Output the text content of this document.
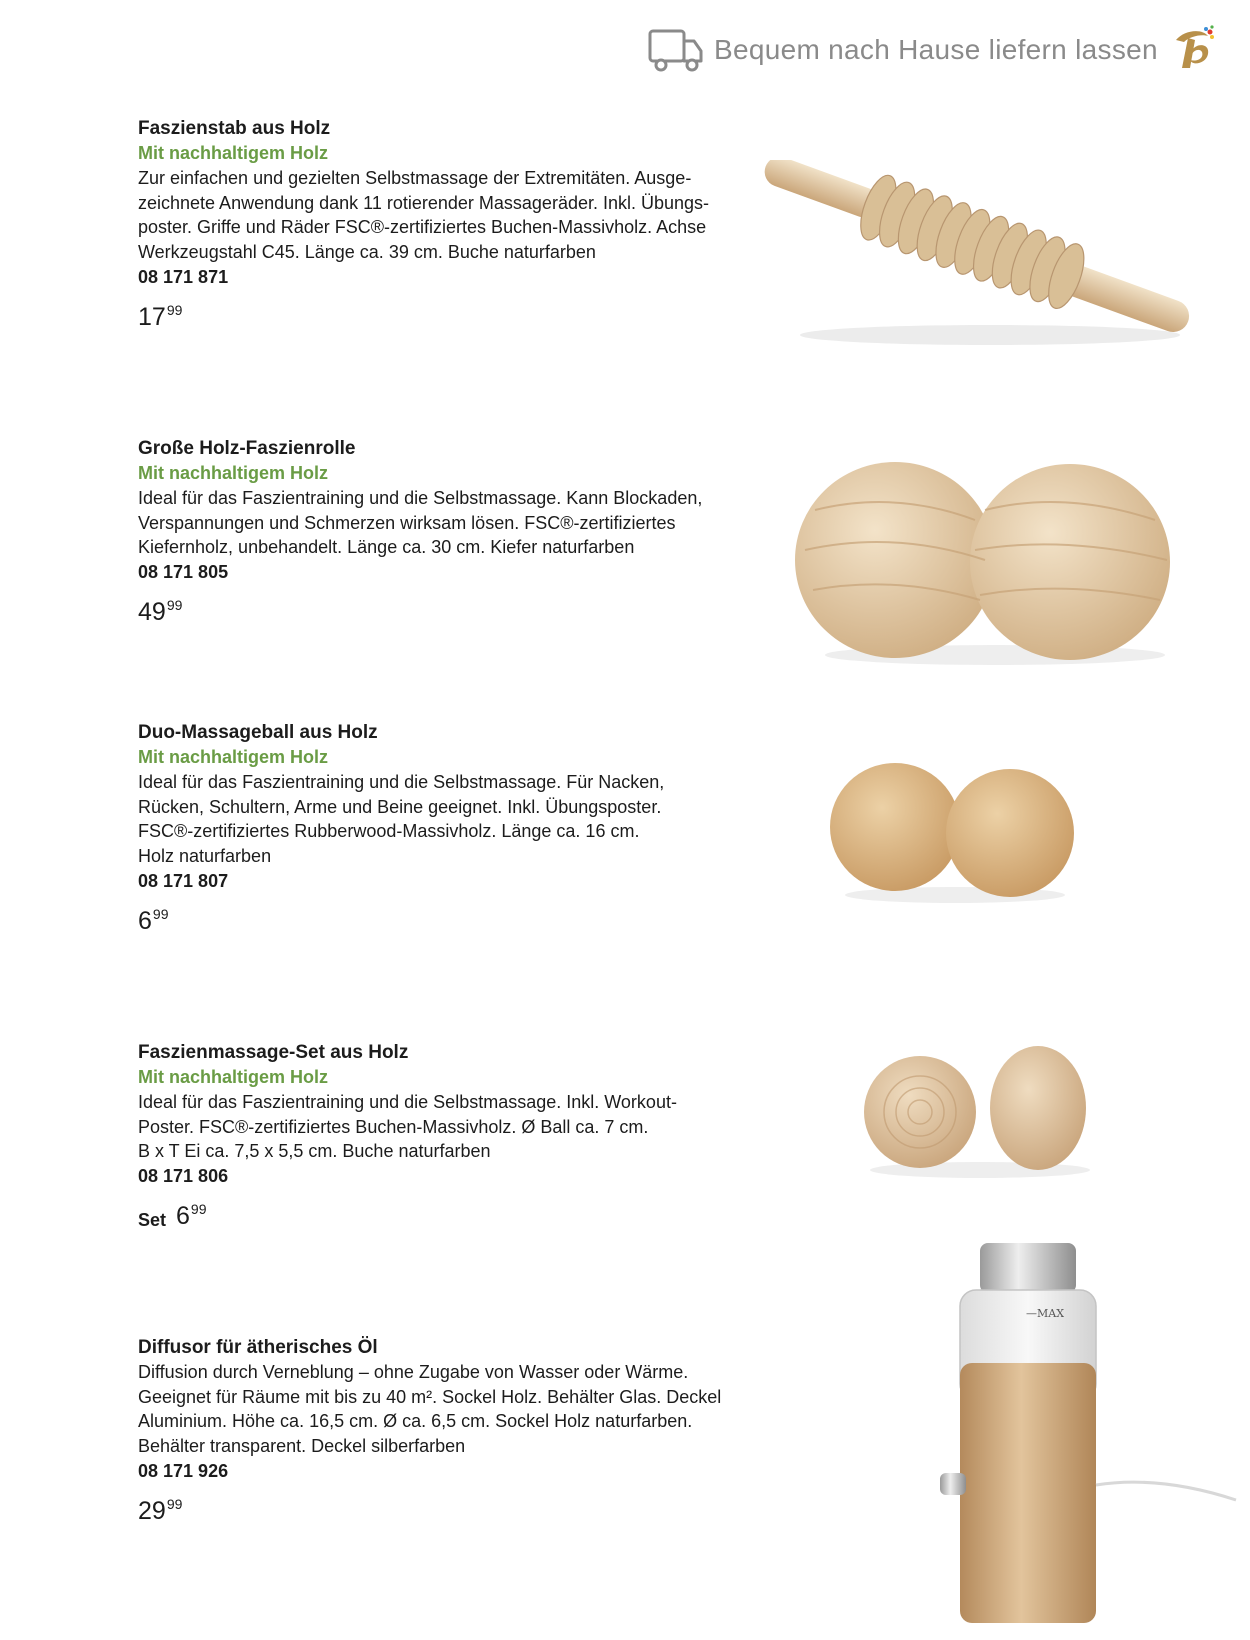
Bequem nach Hause liefern lassen
Faszienstab aus Holz
Mit nachhaltigem Holz
Zur einfachen und gezielten Selbstmassage der Extremitäten. Ausge-
zeichnete Anwendung dank 11 rotierender Massageräder. Inkl. Übungs-
poster. Griffe und Räder FSC®-zertifiziertes Buchen-Massivholz. Achse
Werkzeugstahl C45. Länge ca. 39 cm. Buche naturfarben
08 171 871
$17^{99}$
Große Holz-Faszienrolle
Mit nachhaltigem Holz
Ideal für das Faszientraining und die Selbstmassage. Kann Blockaden,
Verspannungen und Schmerzen wirksam lösen. FSC®-zertifiziertes
Kiefernholz, unbehandelt. Länge ca. 30 cm. Kiefer naturfarben
08 171 805
$49^{99}$
Duo-Massageball aus Holz
Mit nachhaltigem Holz
Ideal für das Faszientraining und die Selbstmassage. Für Nacken,
Rücken, Schultern, Arme und Beine geeignet. Inkl. Übungsposter.
FSC®-zertifiziertes Rubberwood-Massivholz. Länge ca. 16 cm.
Holz naturfarben
08 171 807
$6^{99}$
Faszienmassage-Set aus Holz
Mit nachhaltigem Holz
Ideal für das Faszientraining und die Selbstmassage. Inkl. Workout-
Poster. FSC®-zertifiziertes Buchen-Massivholz. Ø Ball ca. 7 cm.
B x T Ei ca. 7,5 x 5,5 cm. Buche naturfarben
08 171 806
Set $6^{99}$
Diffusor für ätherisches Öl
Diffusion durch Verneblung – ohne Zugabe von Wasser oder Wärme.
Geeignet für Räume mit bis zu 40 m². Sockel Holz. Behälter Glas. Deckel
Aluminium. Höhe ca. 16,5 cm. Ø ca. 6,5 cm. Sockel Holz naturfarben.
Behälter transparent. Deckel silberfarben
08 171 926
$29^{99}$
—MAX
